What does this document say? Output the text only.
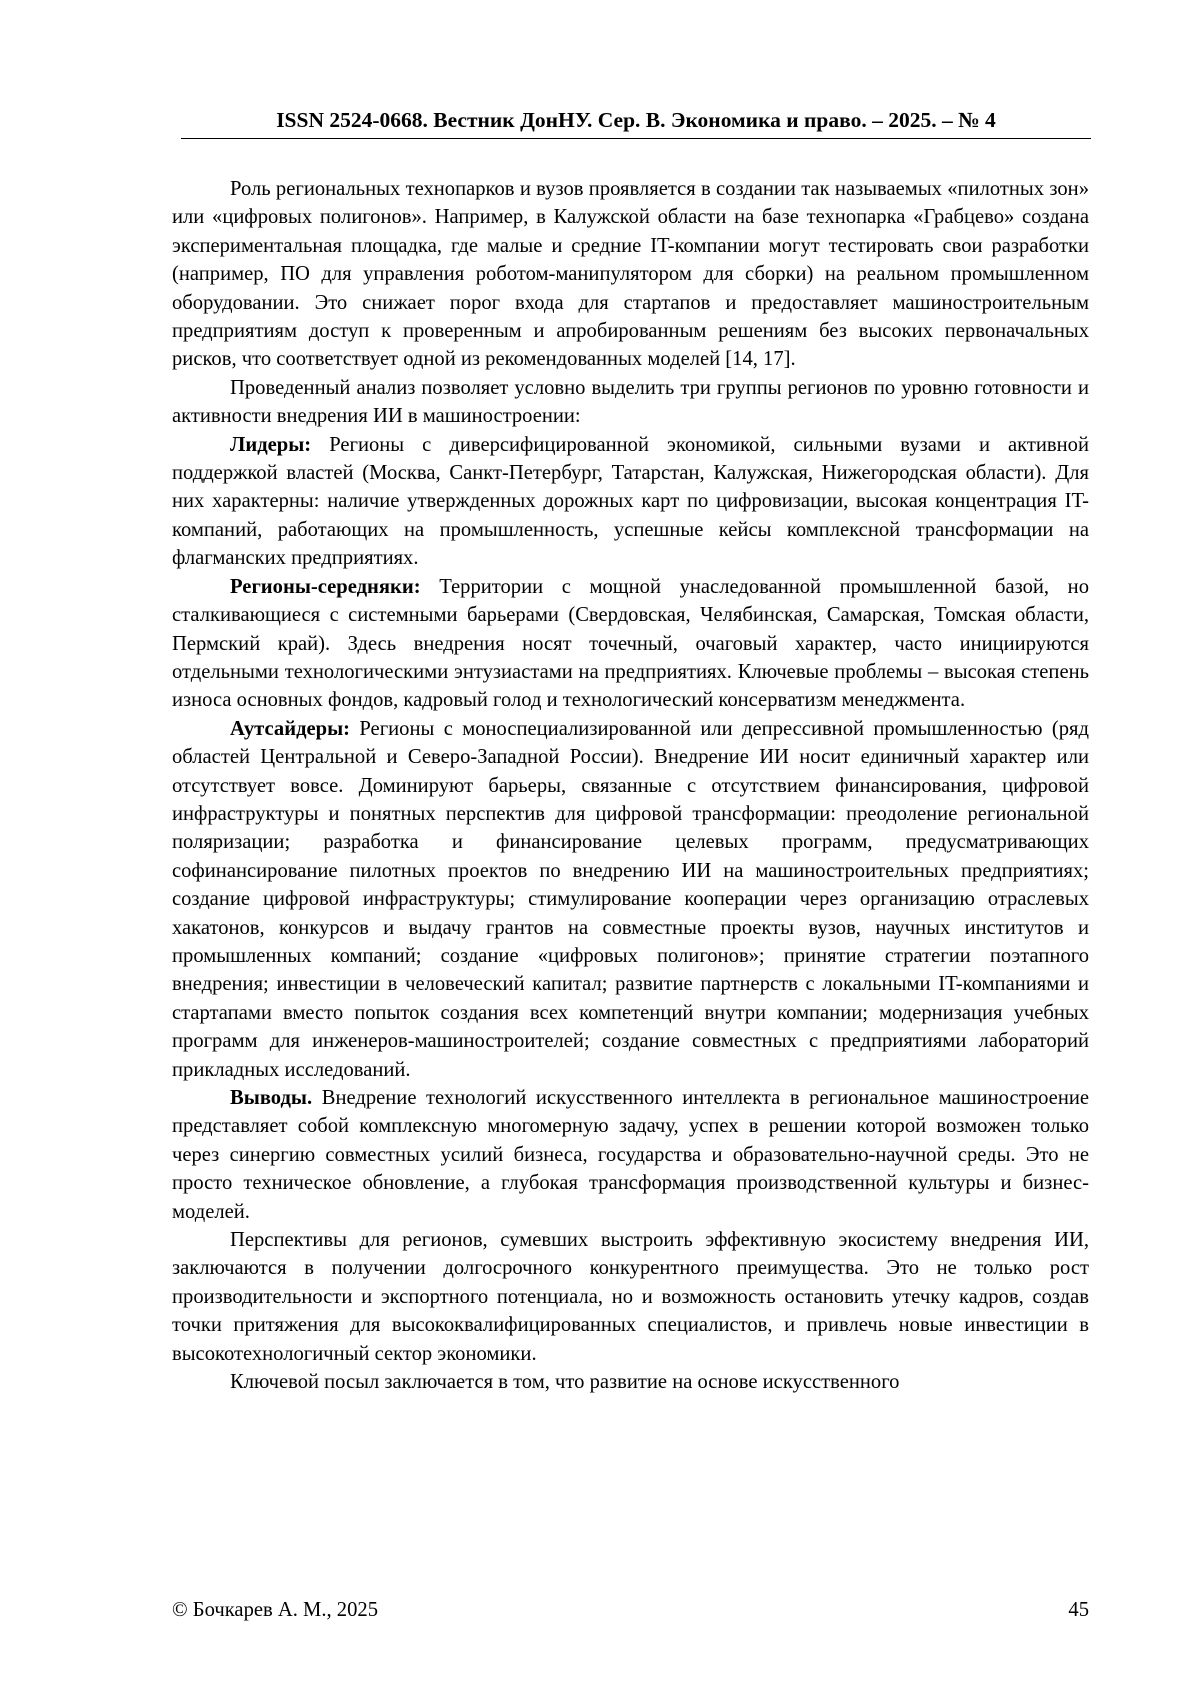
ISSN 2524-0668. Вестник ДонНУ. Сер. В. Экономика и право. – 2025. – № 4

Роль региональных технопарков и вузов проявляется в создании так называемых «пилотных зон» или «цифровых полигонов». Например, в Калужской области на базе технопарка «Грабцево» создана экспериментальная площадка, где малые и средние IT-компании могут тестировать свои разработки (например, ПО для управления роботом-манипулятором для сборки) на реальном промышленном оборудовании. Это снижает порог входа для стартапов и предоставляет машиностроительным предприятиям доступ к проверенным и апробированным решениям без высоких первоначальных рисков, что соответствует одной из рекомендованных моделей [14, 17].

Проведенный анализ позволяет условно выделить три группы регионов по уровню готовности и активности внедрения ИИ в машиностроении:

Лидеры: Регионы с диверсифицированной экономикой, сильными вузами и активной поддержкой властей (Москва, Санкт-Петербург, Татарстан, Калужская, Нижегородская области). Для них характерны: наличие утвержденных дорожных карт по цифровизации, высокая концентрация IT-компаний, работающих на промышленность, успешные кейсы комплексной трансформации на флагманских предприятиях.

Регионы-середняки: Территории с мощной унаследованной промышленной базой, но сталкивающиеся с системными барьерами (Свердовская, Челябинская, Самарская, Томская области, Пермский край). Здесь внедрения носят точечный, очаговый характер, часто инициируются отдельными технологическими энтузиастами на предприятиях. Ключевые проблемы – высокая степень износа основных фондов, кадровый голод и технологический консерватизм менеджмента.

Аутсайдеры: Регионы с моноспециализированной или депрессивной промышленностью (ряд областей Центральной и Северо-Западной России). Внедрение ИИ носит единичный характер или отсутствует вовсе. Доминируют барьеры, связанные с отсутствием финансирования, цифровой инфраструктуры и понятных перспектив для цифровой трансформации: преодоление региональной поляризации; разработка и финансирование целевых программ, предусматривающих софинансирование пилотных проектов по внедрению ИИ на машиностроительных предприятиях; создание цифровой инфраструктуры; стимулирование кооперации через организацию отраслевых хакатонов, конкурсов и выдачу грантов на совместные проекты вузов, научных институтов и промышленных компаний; создание «цифровых полигонов»; принятие стратегии поэтапного внедрения; инвестиции в человеческий капитал; развитие партнерств с локальными IT-компаниями и стартапами вместо попыток создания всех компетенций внутри компании; модернизация учебных программ для инженеров-машиностроителей; создание совместных с предприятиями лабораторий прикладных исследований.

Выводы. Внедрение технологий искусственного интеллекта в региональное машиностроение представляет собой комплексную многомерную задачу, успех в решении которой возможен только через синергию совместных усилий бизнеса, государства и образовательно-научной среды. Это не просто техническое обновление, а глубокая трансформация производственной культуры и бизнес-моделей.

Перспективы для регионов, сумевших выстроить эффективную экосистему внедрения ИИ, заключаются в получении долгосрочного конкурентного преимущества. Это не только рост производительности и экспортного потенциала, но и возможность остановить утечку кадров, создав точки притяжения для высококвалифицированных специалистов, и привлечь новые инвестиции в высокотехнологичный сектор экономики.

Ключевой посыл заключается в том, что развитие на основе искусственного

© Бочкарев А. М., 2025	45
